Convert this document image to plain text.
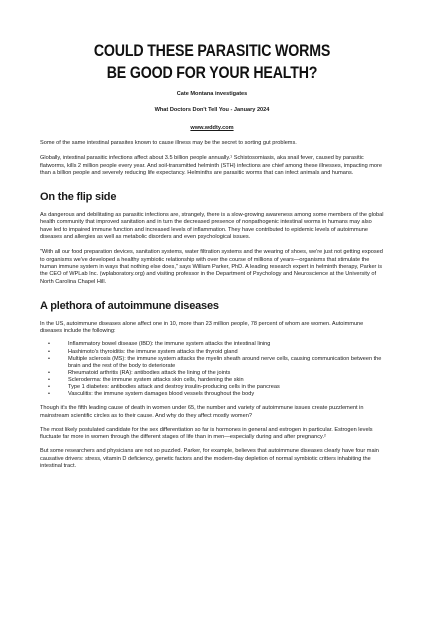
COULD THESE PARASITIC WORMS
BE GOOD FOR YOUR HEALTH?
Cate Montana investigates
What Doctors Don't Tell You - January 2024
www.wddty.com

Some of the same intestinal parasites known to cause illness may be the secret to sorting gut problems.

Globally, intestinal parasitic infections affect about 3.5 billion people annually.¹ Schistosomiasis, aka snail fever, caused by parasitic flatworms, kills 2 million people every year. And soil-transmitted helminth (STH) infections are chief among these illnesses, impacting more than a billion people and severely reducing life expectancy. Helminths are parasitic worms that can infect animals and humans.

On the flip side

As dangerous and debilitating as parasitic infections are, strangely, there is a slow-growing awareness among some members of the global health community that improved sanitation and in turn the decreased presence of nonpathogenic intestinal worms in humans may also have led to impaired immune function and increased levels of inflammation. They have contributed to epidemic levels of autoimmune diseases and allergies as well as metabolic disorders and even psychological issues.

"With all our food preparation devices, sanitation systems, water filtration systems and the wearing of shoes, we're just not getting exposed to organisms we've developed a healthy symbiotic relationship with over the course of millions of years—organisms that stimulate the human immune system in ways that nothing else does," says William Parker, PhD. A leading research expert in helminth therapy, Parker is the CEO of WPLab Inc. (wplaboratory.org) and visiting professor in the Department of Psychology and Neuroscience at the University of North Carolina Chapel Hill.

A plethora of autoimmune diseases

In the US, autoimmune diseases alone affect one in 10, more than 23 million people, 78 percent of whom are women. Autoimmune diseases include the following:

•	Inflammatory bowel disease (IBD): the immune system attacks the intestinal lining
•	Hashimoto's thyroiditis: the immune system attacks the thyroid gland
•	Multiple sclerosis (MS): the immune system attacks the myelin sheath around nerve cells, causing communication between the brain and the rest of the body to deteriorate
•	Rheumatoid arthritis (RA): antibodies attack the lining of the joints
•	Scleroderma: the immune system attacks skin cells, hardening the skin
•	Type 1 diabetes: antibodies attack and destroy insulin-producing cells in the pancreas
•	Vasculitis: the immune system damages blood vessels throughout the body

Though it's the fifth leading cause of death in women under 65, the number and variety of autoimmune issues create puzzlement in mainstream scientific circles as to their cause. And why do they affect mostly women?

The most likely postulated candidate for the sex differentiation so far is hormones in general and estrogen in particular. Estrogen levels fluctuate far more in women through the different stages of life than in men—especially during and after pregnancy.²

But some researchers and physicians are not so puzzled. Parker, for example, believes that autoimmune diseases clearly have four main causative drivers: stress, vitamin D deficiency, genetic factors and the modern-day depletion of normal symbiotic critters inhabiting the intestinal tract.
